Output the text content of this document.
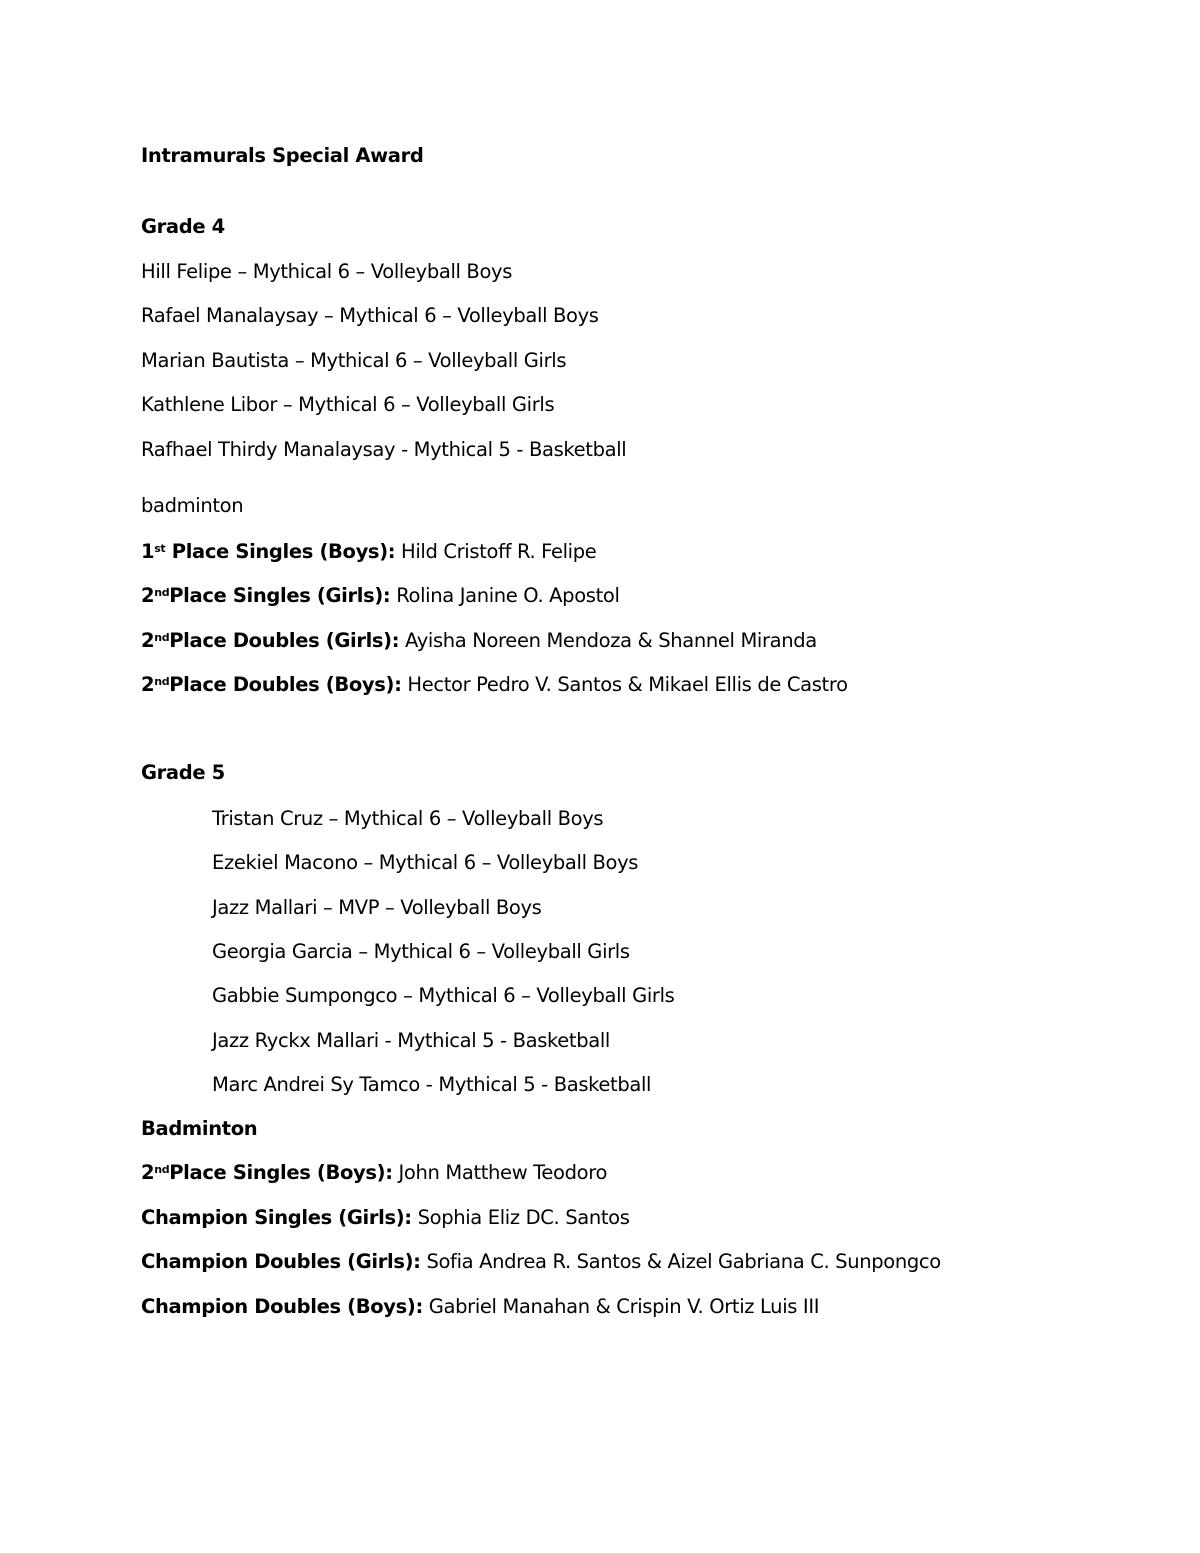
Intramurals Special Award
Grade 4
Hill Felipe – Mythical 6 – Volleyball Boys
Rafael Manalaysay – Mythical 6 – Volleyball Boys
Marian Bautista – Mythical 6 – Volleyball Girls
Kathlene Libor – Mythical 6 – Volleyball Girls
Rafhael Thirdy Manalaysay - Mythical 5 - Basketball
badminton
1st Place Singles (Boys): Hild Cristoff R. Felipe
2ndPlace Singles (Girls): Rolina Janine O. Apostol
2ndPlace Doubles (Girls): Ayisha Noreen Mendoza & Shannel Miranda
2ndPlace Doubles (Boys): Hector Pedro V. Santos & Mikael Ellis de Castro
Grade 5
Tristan Cruz – Mythical 6 – Volleyball Boys
Ezekiel Macono – Mythical 6 – Volleyball Boys
Jazz Mallari – MVP – Volleyball Boys
Georgia Garcia – Mythical 6 – Volleyball Girls
Gabbie Sumpongco – Mythical 6 – Volleyball Girls
Jazz Ryckx Mallari - Mythical 5 - Basketball
Marc Andrei Sy Tamco - Mythical 5 - Basketball
Badminton
2ndPlace Singles (Boys): John Matthew Teodoro
Champion Singles (Girls): Sophia Eliz DC. Santos
Champion Doubles (Girls): Sofia Andrea R. Santos & Aizel Gabriana C. Sunpongco
Champion Doubles (Boys): Gabriel Manahan & Crispin V. Ortiz Luis III
